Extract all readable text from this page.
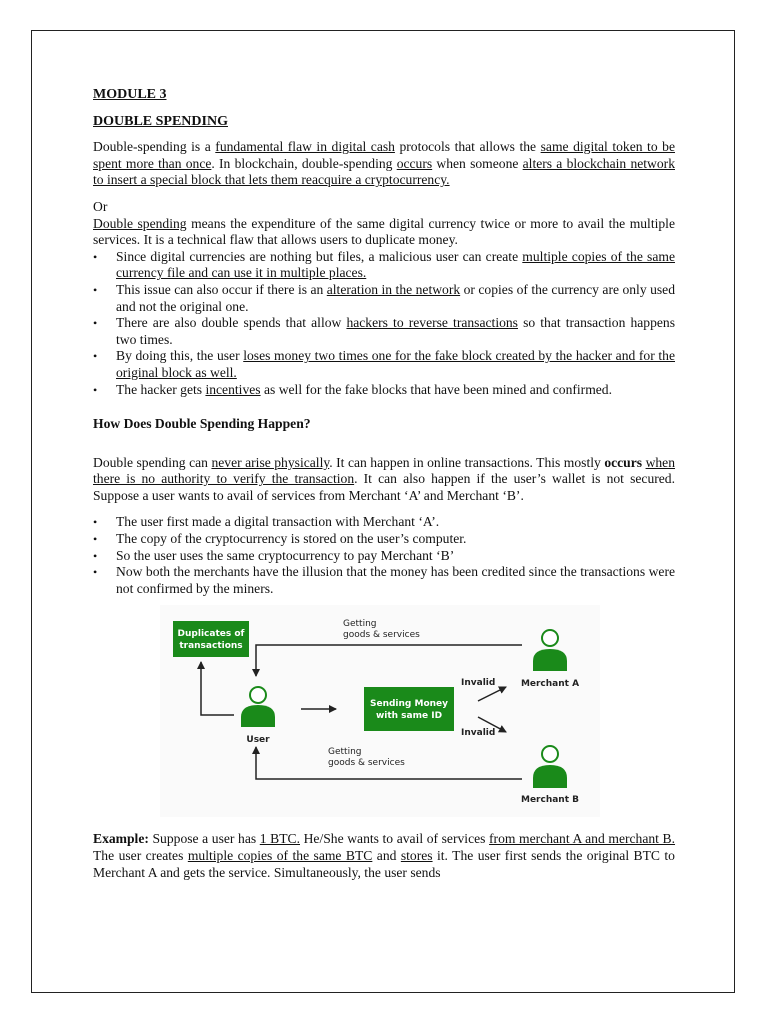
MODULE 3
DOUBLE SPENDING

Double-spending is a fundamental flaw in digital cash protocols that allows the same digital token to be spent more than once. In blockchain, double-spending occurs when someone alters a blockchain network to insert a special block that lets them reacquire a cryptocurrency.

Or

Double spending means the expenditure of the same digital currency twice or more to avail the multiple services. It is a technical flaw that allows users to duplicate money.

• Since digital currencies are nothing but files, a malicious user can create multiple copies of the same currency file and can use it in multiple places.
• This issue can also occur if there is an alteration in the network or copies of the currency are only used and not the original one.
• There are also double spends that allow hackers to reverse transactions so that transaction happens two times.
• By doing this, the user loses money two times one for the fake block created by the hacker and for the original block as well.
• The hacker gets incentives as well for the fake blocks that have been mined and confirmed.
How Does Double Spending Happen?

Double spending can never arise physically. It can happen in online transactions. This mostly occurs when there is no authority to verify the transaction. It can also happen if the user’s wallet is not secured. Suppose a user wants to avail of services from Merchant ‘A’ and Merchant ‘B’.

• The user first made a digital transaction with Merchant ‘A’.
• The copy of the cryptocurrency is stored on the user’s computer.
• So the user uses the same cryptocurrency to pay Merchant ‘B’
• Now both the merchants have the illusion that the money has been credited since the transactions were not confirmed by the miners.
Duplicates of
transactions
Sending Money
with same ID
User
Merchant A
Merchant B
Getting
goods & services
Getting
goods & services
Invalid
Invalid

Example: Suppose a user has 1 BTC. He/She wants to avail of services from merchant A and merchant B. The user creates multiple copies of the same BTC and stores it. The user first sends the original BTC to Merchant A and gets the service. Simultaneously, the user sends
